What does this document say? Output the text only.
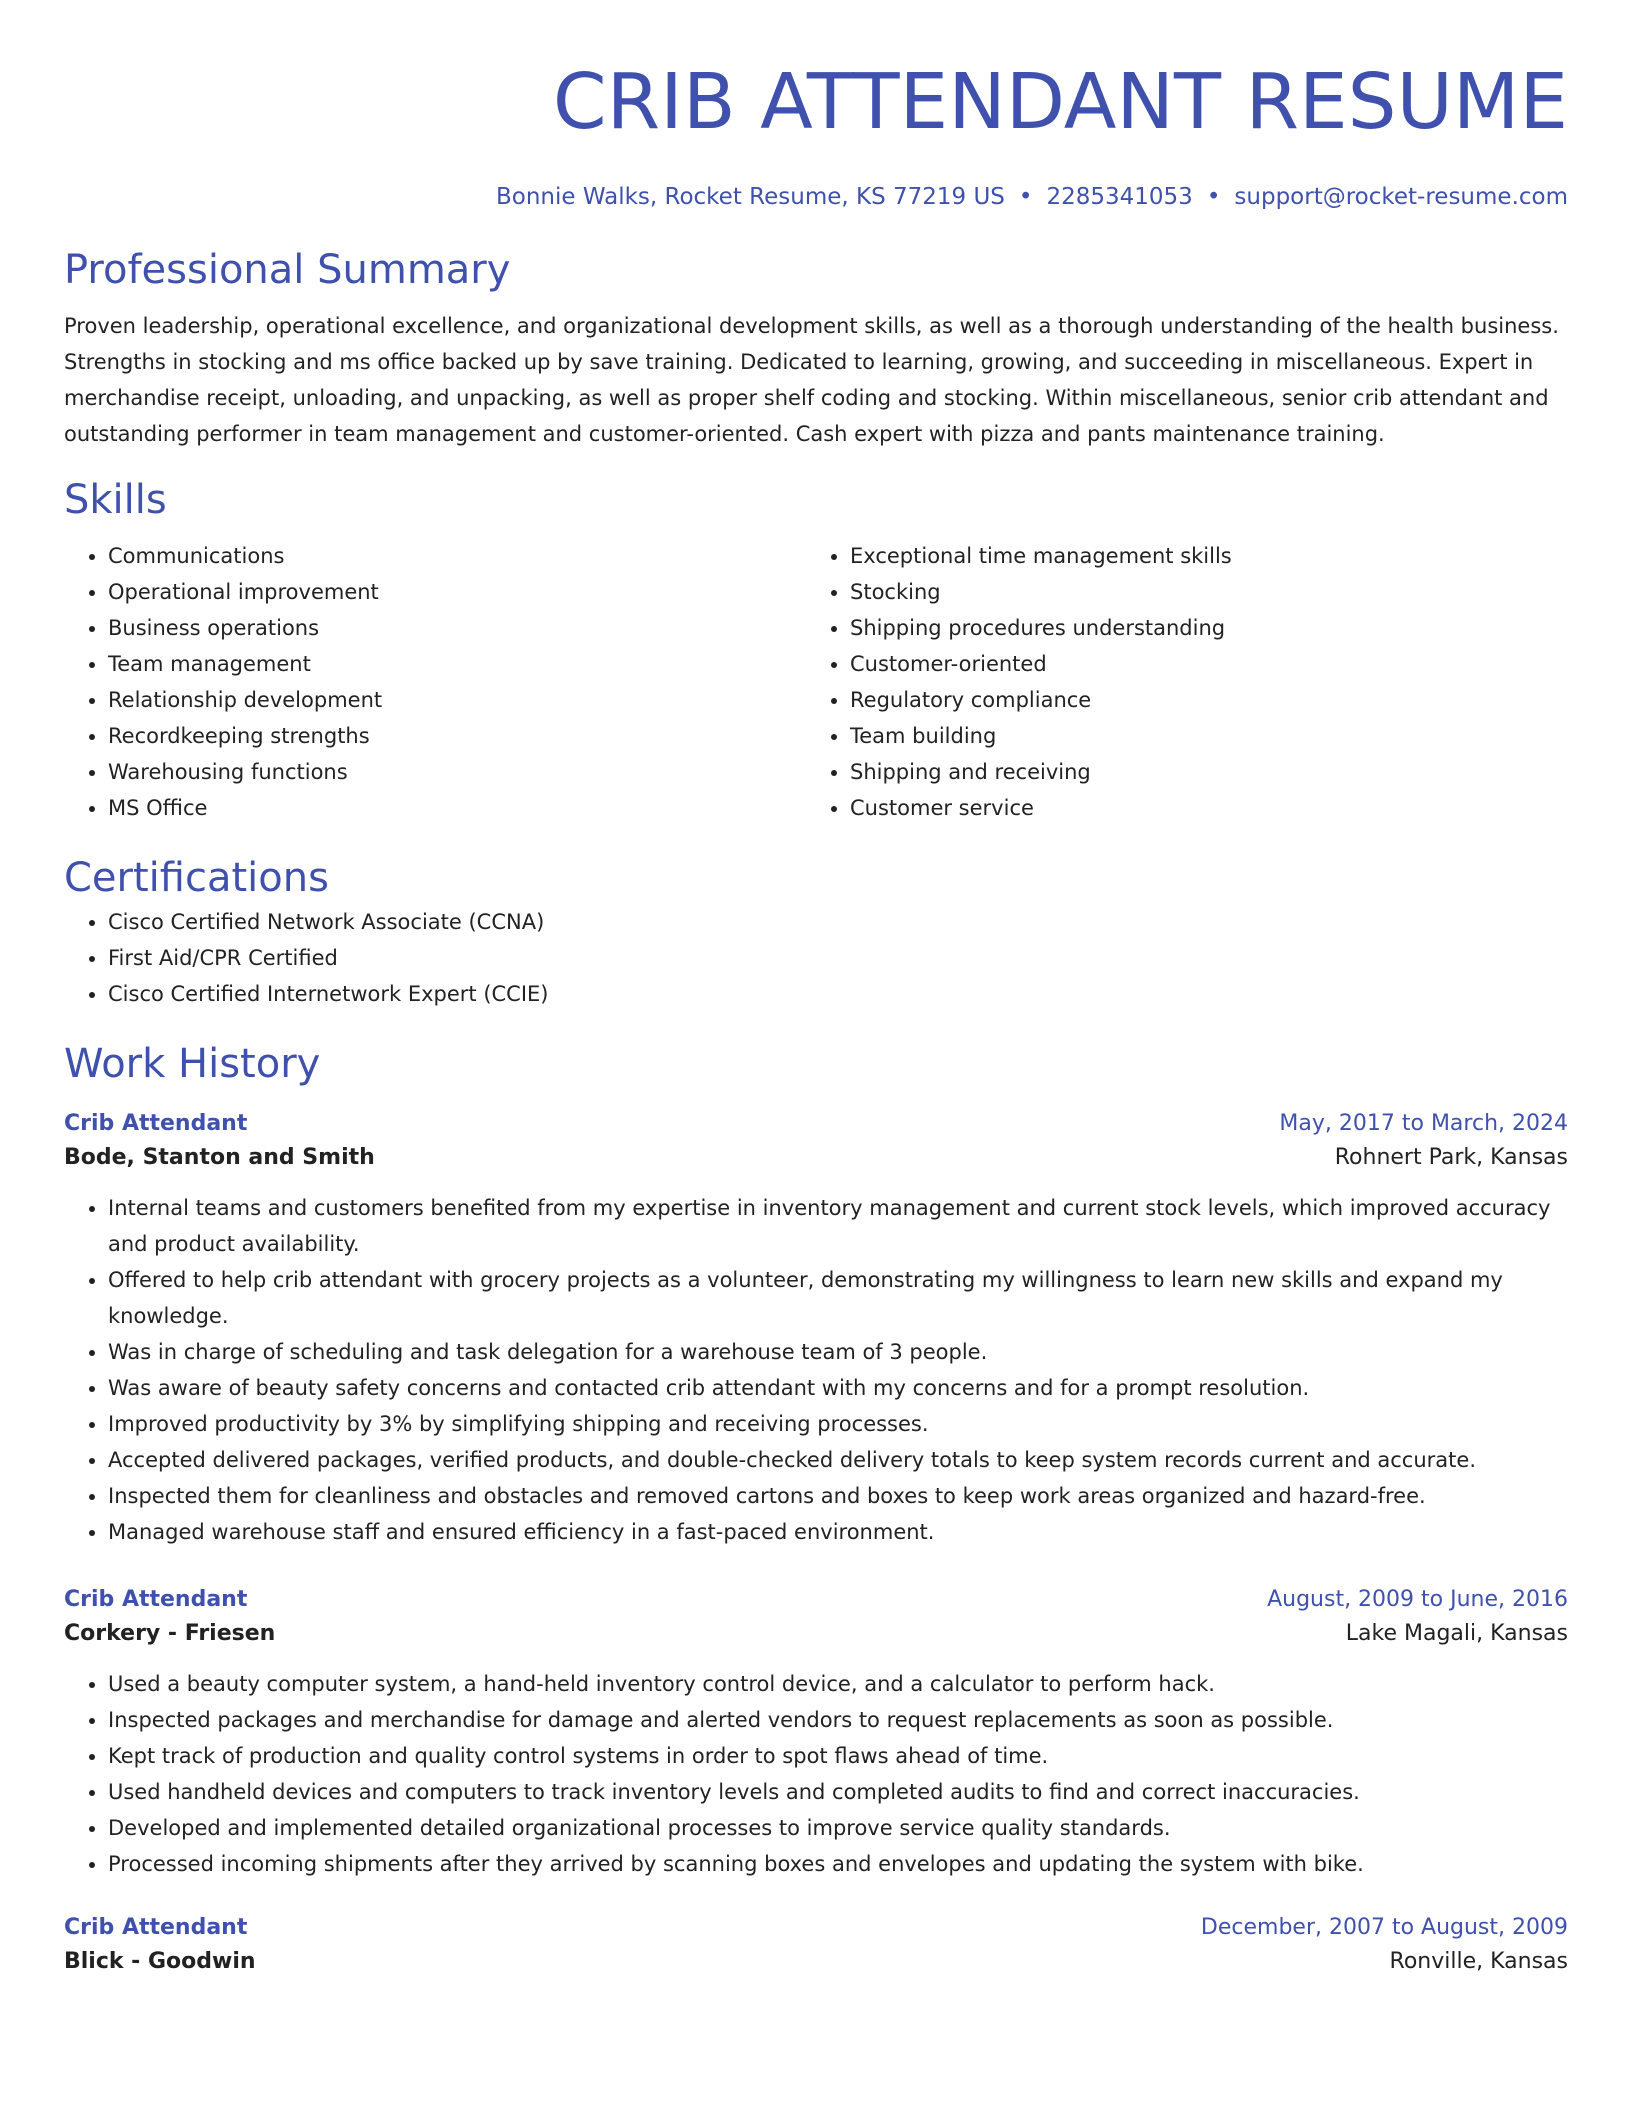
CRIB ATTENDANT RESUME
Bonnie Walks, Rocket Resume, KS 77219 US • 2285341053 • support@rocket-resume.com
Professional Summary

Proven leadership, operational excellence, and organizational development skills, as well as a thorough understanding of the health business. Strengths in stocking and ms office backed up by save training. Dedicated to learning, growing, and succeeding in miscellaneous. Expert in merchandise receipt, unloading, and unpacking, as well as proper shelf coding and stocking. Within miscellaneous, senior crib attendant and outstanding performer in team management and customer-oriented. Cash expert with pizza and pants maintenance training.

Skills
• Communications
• Operational improvement
• Business operations
• Team management
• Relationship development
• Recordkeeping strengths
• Warehousing functions
• MS Office
• Exceptional time management skills
• Stocking
• Shipping procedures understanding
• Customer-oriented
• Regulatory compliance
• Team building
• Shipping and receiving
• Customer service
Certifications
• Cisco Certified Network Associate (CCNA)
• First Aid/CPR Certified
• Cisco Certified Internetwork Expert (CCIE)
Work History
Crib Attendant	May, 2017 to March, 2024
Bode, Stanton and Smith	Rohnert Park, Kansas
• Internal teams and customers benefited from my expertise in inventory management and current stock levels, which improved accuracy and product availability.
• Offered to help crib attendant with grocery projects as a volunteer, demonstrating my willingness to learn new skills and expand my knowledge.
• Was in charge of scheduling and task delegation for a warehouse team of 3 people.
• Was aware of beauty safety concerns and contacted crib attendant with my concerns and for a prompt resolution.
• Improved productivity by 3% by simplifying shipping and receiving processes.
• Accepted delivered packages, verified products, and double-checked delivery totals to keep system records current and accurate.
• Inspected them for cleanliness and obstacles and removed cartons and boxes to keep work areas organized and hazard-free.
• Managed warehouse staff and ensured efficiency in a fast-paced environment.
Crib Attendant	August, 2009 to June, 2016
Corkery - Friesen	Lake Magali, Kansas
• Used a beauty computer system, a hand-held inventory control device, and a calculator to perform hack.
• Inspected packages and merchandise for damage and alerted vendors to request replacements as soon as possible.
• Kept track of production and quality control systems in order to spot flaws ahead of time.
• Used handheld devices and computers to track inventory levels and completed audits to find and correct inaccuracies.
• Developed and implemented detailed organizational processes to improve service quality standards.
• Processed incoming shipments after they arrived by scanning boxes and envelopes and updating the system with bike.
Crib Attendant	December, 2007 to August, 2009
Blick - Goodwin	Ronville, Kansas
